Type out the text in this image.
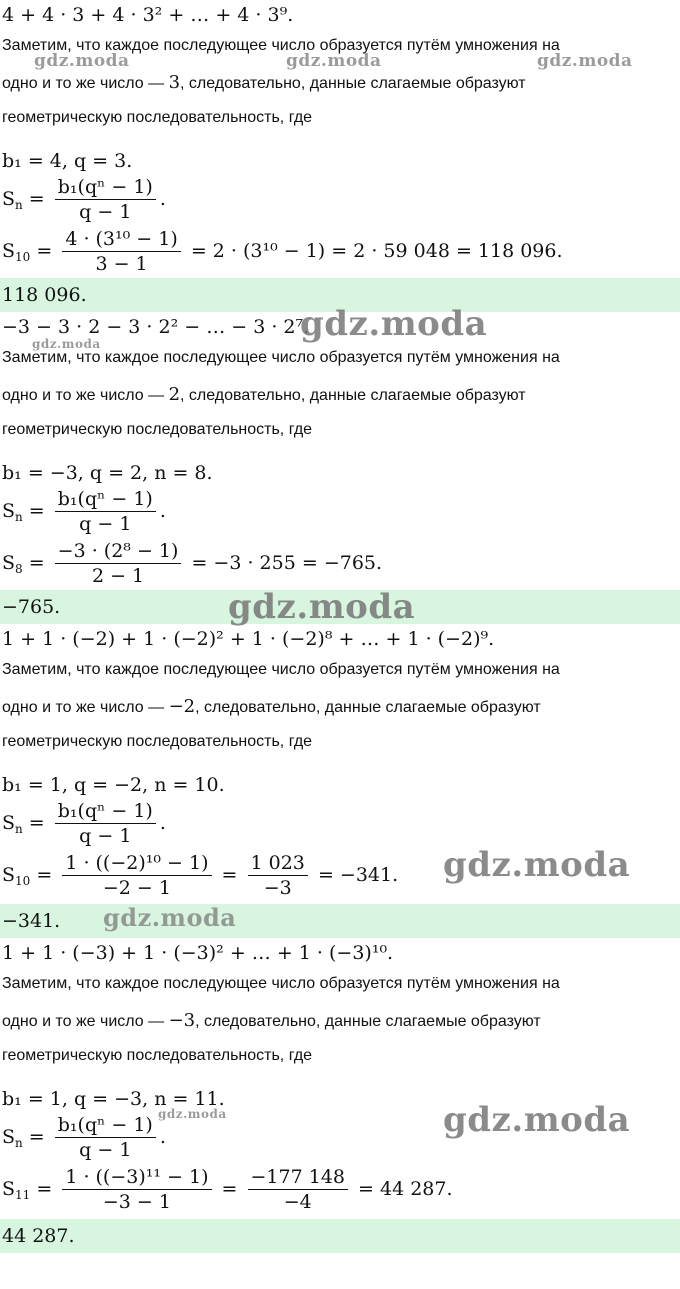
4 + 4 · 3 + 4 · 3² + … + 4 · 3⁹.
Заметим, что каждое последующее число образуется путём умножения на
одно и то же число — 3, следовательно, данные слагаемые образуют
геометрическую последовательность, где
b₁ = 4, q = 3.
$S_n = \frac{\text{b₁(qⁿ − 1)}}{q - 1}$ .
$S_{10} = \frac{\text{4 · (3¹⁰ − 1)}}{3 - 1} = 2 \cdot (3^{10} - 1) = 2 \cdot 59$ 048 = 118 096.
118 096.
−3 − 3 · 2 − 3 · 2² − … − 3 · 2⁷.
Заметим, что каждое последующее число образуется путём умножения на
одно и то же число — 2, следовательно, данные слагаемые образуют
геометрическую последовательность, где
b₁ = −3, q = 2, n = 8.
$S_n = \frac{\text{b₁(qⁿ − 1)}}{q - 1}$ .
$S_8 = \frac{\text{−3 · (2⁸ − 1)}}{2 - 1} = -3 \cdot 255 = -765$.
−765.
1 + 1 · (−2) + 1 · (−2)² + 1 · (−2)⁸ + … + 1 · (−2)⁹.
Заметим, что каждое последующее число образуется путём умножения на
одно и то же число — −2, следовательно, данные слагаемые образуют
геометрическую последовательность, где
b₁ = 1, q = −2, n = 10.
$S_n = \frac{\text{b₁(qⁿ − 1)}}{q - 1}$ .
$S_{10} = \frac{\text{1 · ((−2)¹⁰ − 1)}}{-2 - 1} = \frac{1 023}{-3} = -341$.
−341.
1 + 1 · (−3) + 1 · (−3)² + … + 1 · (−3)¹⁰.
Заметим, что каждое последующее число образуется путём умножения на
одно и то же число — −3, следовательно, данные слагаемые образуют
геометрическую последовательность, где
b₁ = 1, q = −3, n = 11.
$S_n = \frac{\text{b₁(qⁿ − 1)}}{q - 1}$ .
$S_{11} = \frac{\text{1 · ((−3)¹¹ − 1)}}{-3 - 1} = \frac{-177 148}{-4} = 44$ 287.
44 287.
gdz.moda	gdz.moda	gdz.moda
gdz.moda	gdz.moda
gdz.moda
gdz.moda
gdz.moda
gdz.moda	gdz.moda
